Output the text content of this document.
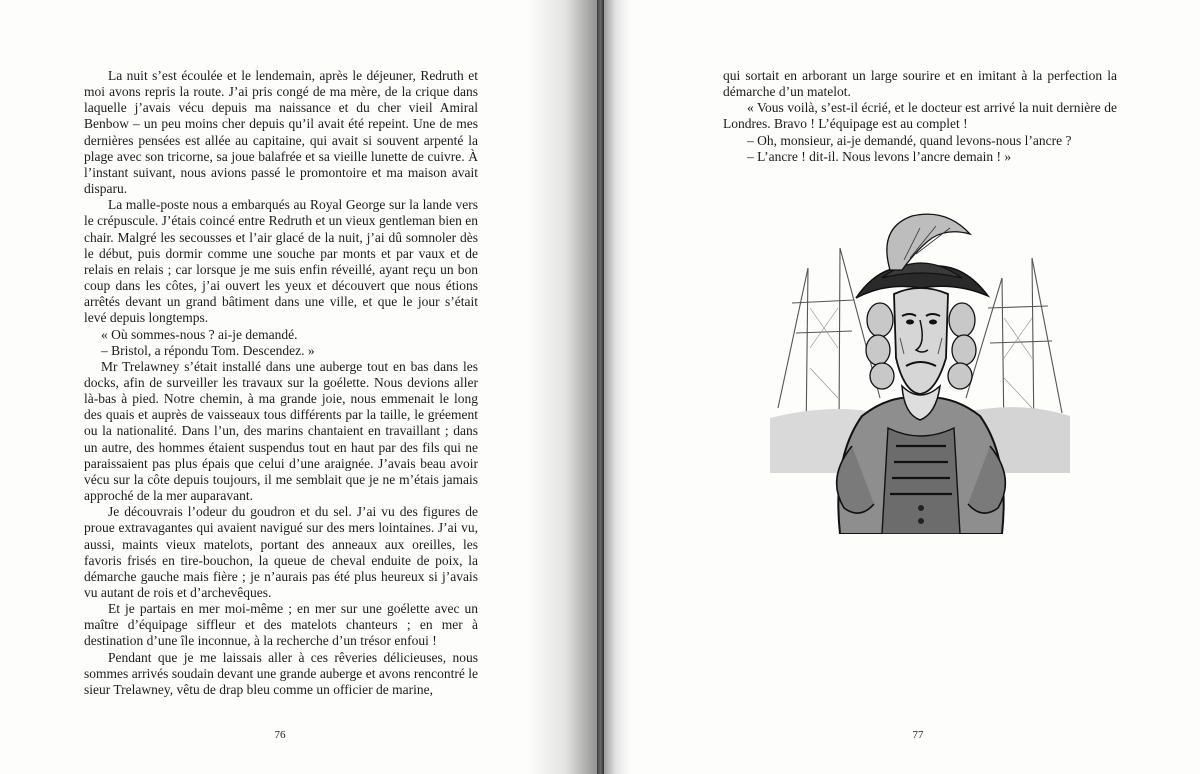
La nuit s’est écoulée et le lendemain, après le déjeuner, Redruth et moi avons repris la route. J’ai pris congé de ma mère, de la crique dans laquelle j’avais vécu depuis ma naissance et du cher vieil Amiral Benbow – un peu moins cher depuis qu’il avait été repeint. Une de mes dernières pensées est allée au capitaine, qui avait si souvent arpenté la plage avec son tricorne, sa joue balafrée et sa vieille lunette de cuivre. À l’instant suivant, nous avions passé le promontoire et ma maison avait disparu.

La malle-poste nous a embarqués au Royal George sur la lande vers le crépuscule. J’étais coincé entre Redruth et un vieux gentleman bien en chair. Malgré les secousses et l’air glacé de la nuit, j’ai dû somnoler dès le début, puis dormir comme une souche par monts et par vaux et de relais en relais ; car lorsque je me suis enfin réveillé, ayant reçu un bon coup dans les côtes, j’ai ouvert les yeux et découvert que nous étions arrêtés devant un grand bâtiment dans une ville, et que le jour s’était levé depuis longtemps.

« Où sommes-nous ? ai-je demandé.

– Bristol, a répondu Tom. Descendez. »

Mr Trelawney s’était installé dans une auberge tout en bas dans les docks, afin de surveiller les travaux sur la goélette. Nous devions aller là-bas à pied. Notre chemin, à ma grande joie, nous emmenait le long des quais et auprès de vaisseaux tous différents par la taille, le gréement ou la nationalité. Dans l’un, des marins chantaient en travaillant ; dans un autre, des hommes étaient suspendus tout en haut par des fils qui ne paraissaient pas plus épais que celui d’une araignée. J’avais beau avoir vécu sur la côte depuis toujours, il me semblait que je ne m’étais jamais approché de la mer auparavant.

Je découvrais l’odeur du goudron et du sel. J’ai vu des figures de proue extravagantes qui avaient navigué sur des mers lointaines. J’ai vu, aussi, maints vieux matelots, portant des anneaux aux oreilles, les favoris frisés en tire-bouchon, la queue de cheval enduite de poix, la démarche gauche mais fière ; je n’aurais pas été plus heureux si j’avais vu autant de rois et d’archevêques.

Et je partais en mer moi-même ; en mer sur une goélette avec un maître d’équipage siffleur et des matelots chanteurs ; en mer à destination d’une île inconnue, à la recherche d’un trésor enfoui !

Pendant que je me laissais aller à ces rêveries délicieuses, nous sommes arrivés soudain devant une grande auberge et avons rencontré le sieur Trelawney, vêtu de drap bleu comme un officier de marine,

76

qui sortait en arborant un large sourire et en imitant à la perfection la démarche d’un matelot.

« Vous voilà, s’est-il écrié, et le docteur est arrivé la nuit dernière de Londres. Bravo ! L’équipage est au complet !

– Oh, monsieur, ai-je demandé, quand levons-nous l’ancre ?

– L’ancre ! dit-il. Nous levons l’ancre demain ! »

77
